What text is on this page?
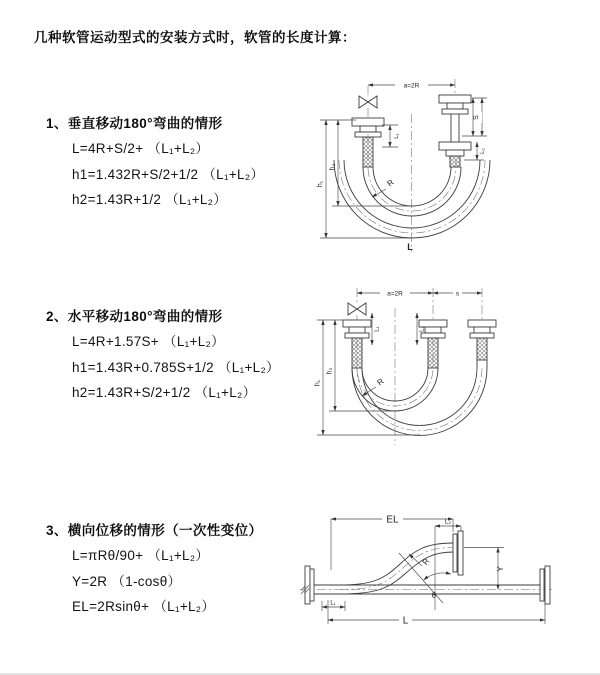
几种软管运动型式的安装方式时，软管的长度计算：
1、垂直移动180°弯曲的情形
L=4R+S/2+ （L₁+L₂）
h1=1.432R+S/2+1/2 （L₁+L₂）
h2=1.43R+1/2 （L₁+L₂）
2、水平移动180°弯曲的情形
L=4R+1.57S+ （L₁+L₂）
h1=1.43R+0.785S+1/2 （L₁+L₂）
h2=1.43R+S/2+1/2 （L₁+L₂）
3、横向位移的情形（一次性变位）
L=πRθ/90+ （L₁+L₂）
Y=2R （1-cosθ）
EL=2Rsinθ+ （L₁+L₂）
a=2R
h₁
h₂
L₁
S
L₂
R
L
a=2R	s
h₁
h₂
L₁	L₂
R
EL	L₂
Y
R
θ
L
L₁
